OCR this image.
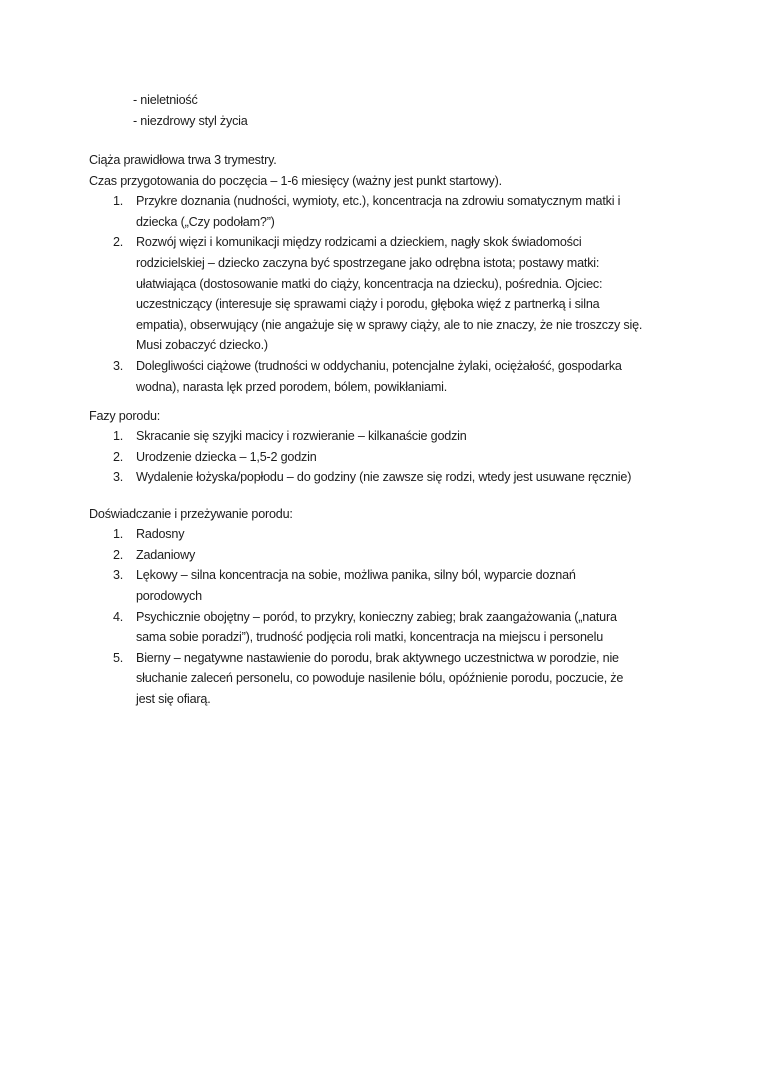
- nieletniość
- niezdrowy styl życia
Ciąża prawidłowa trwa 3 trymestry.
Czas przygotowania do poczęcia – 1-6 miesięcy (ważny jest punkt startowy).
1.	Przykre doznania (nudności, wymioty, etc.), koncentracja na zdrowiu somatycznym matki i
dziecka („Czy podołam?”)
2.	Rozwój więzi i komunikacji między rodzicami a dzieckiem, nagły skok świadomości
rodzicielskiej – dziecko zaczyna być spostrzegane jako odrębna istota; postawy matki:
ułatwiająca (dostosowanie matki do ciąży, koncentracja na dziecku), pośrednia. Ojciec:
uczestniczący (interesuje się sprawami ciąży i porodu, głęboka więź z partnerką i silna
empatia), obserwujący (nie angażuje się w sprawy ciąży, ale to nie znaczy, że nie troszczy się.
Musi zobaczyć dziecko.)
3.	Dolegliwości ciążowe (trudności w oddychaniu, potencjalne żylaki, ociężałość, gospodarka
wodna), narasta lęk przed porodem, bólem, powikłaniami.
Fazy porodu:
1.	Skracanie się szyjki macicy i rozwieranie – kilkanaście godzin
2.	Urodzenie dziecka – 1,5-2 godzin
3.	Wydalenie łożyska/popłodu – do godziny (nie zawsze się rodzi, wtedy jest usuwane ręcznie)
Doświadczanie i przeżywanie porodu:
1.	Radosny
2.	Zadaniowy
3.	Lękowy – silna koncentracja na sobie, możliwa panika, silny ból, wyparcie doznań
porodowych
4.	Psychicznie obojętny – poród, to przykry, konieczny zabieg; brak zaangażowania („natura
sama sobie poradzi”), trudność podjęcia roli matki, koncentracja na miejscu i personelu
5.	Bierny – negatywne nastawienie do porodu, brak aktywnego uczestnictwa w porodzie, nie
słuchanie zaleceń personelu, co powoduje nasilenie bólu, opóźnienie porodu, poczucie, że
jest się ofiarą.
